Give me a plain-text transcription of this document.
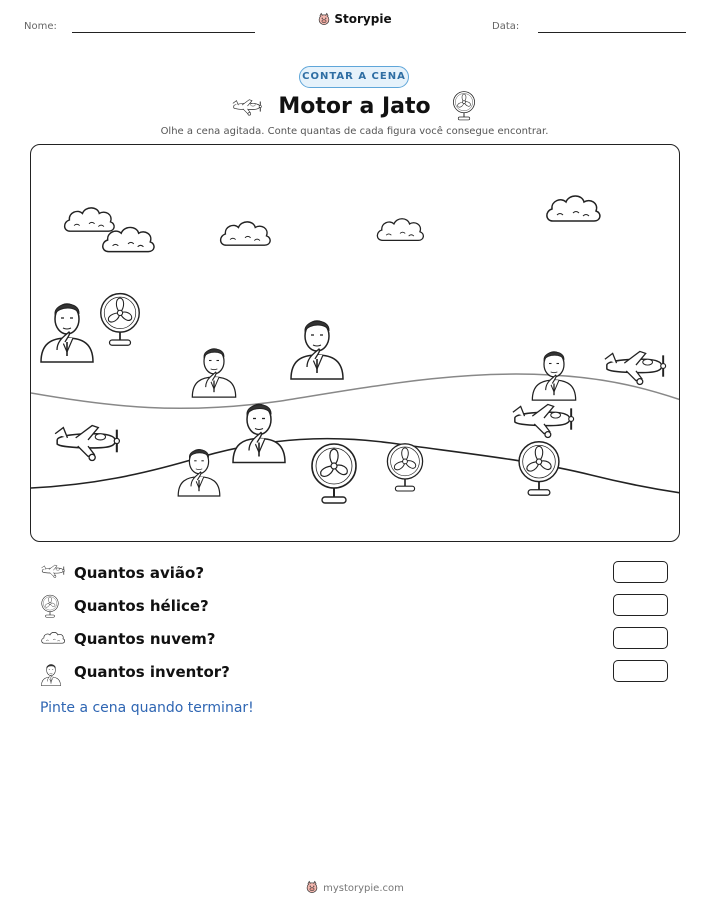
Nome:
Storypie
Data:
CONTAR A CENA
Motor a Jato
Olhe a cena agitada. Conte quantas de cada figura você consegue encontrar.
Quantos avião?
Quantos hélice?
Quantos nuvem?
Quantos inventor?
Pinte a cena quando terminar!
mystorypie.com
